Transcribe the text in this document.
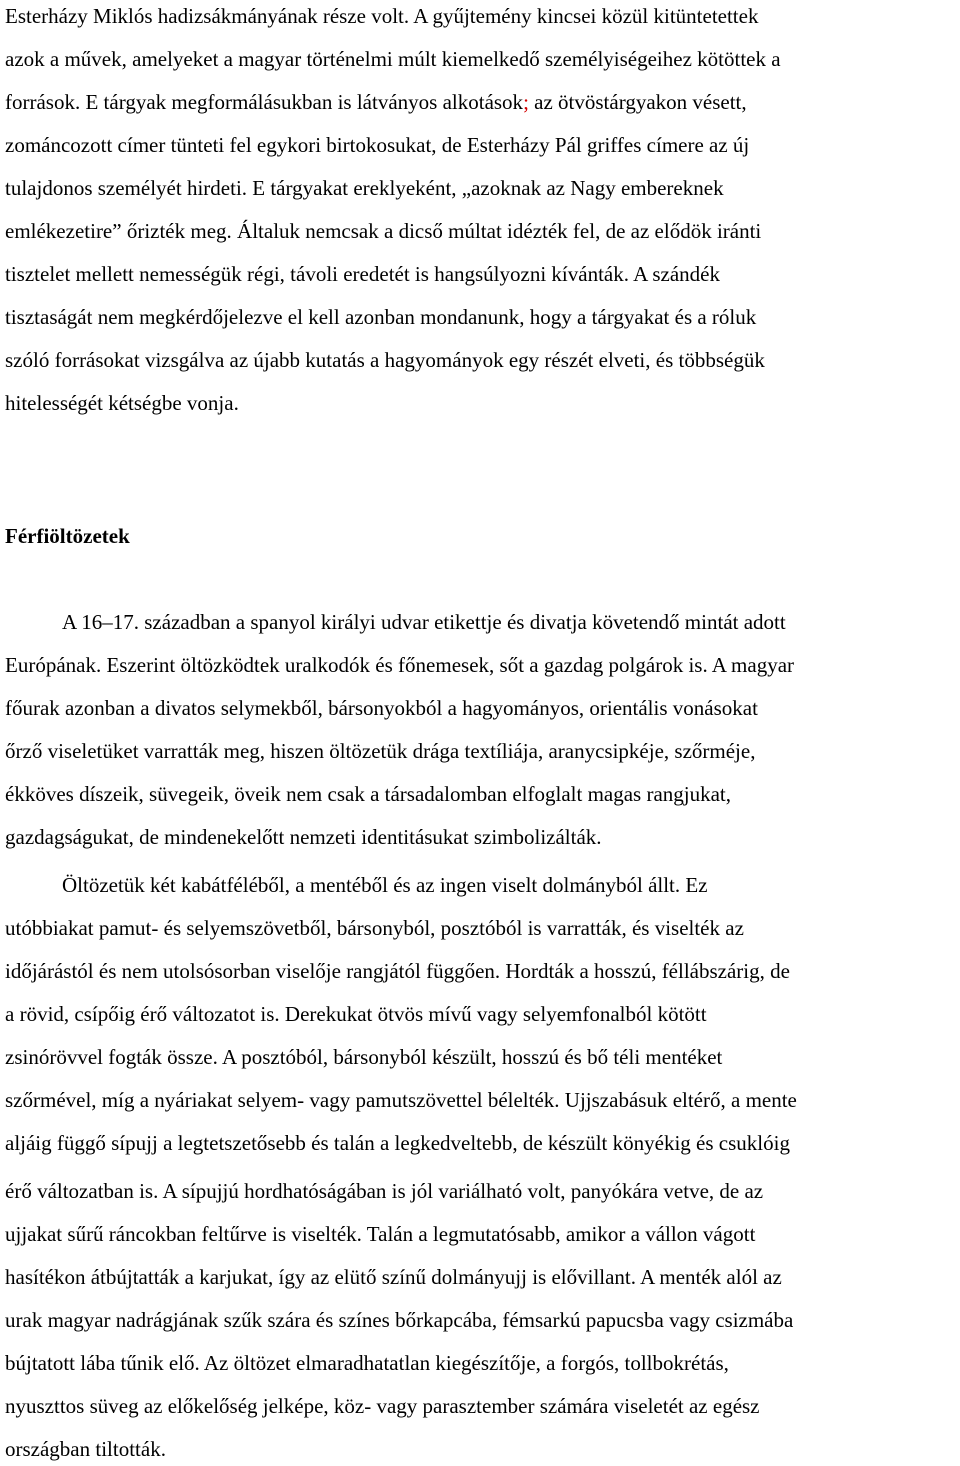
Esterházy Miklós hadizsákmányának része volt. A gyűjtemény kincsei közül kitüntetettek
azok a művek, amelyeket a magyar történelmi múlt kiemelkedő személyiségeihez kötöttek a
források. E tárgyak megformálásukban is látványos alkotások; az ötvöstárgyakon vésett,
zománcozott címer tünteti fel egykori birtokosukat, de Esterházy Pál griffes címere az új
tulajdonos személyét hirdeti. E tárgyakat ereklyeként, „azoknak az Nagy embereknek
emlékezetire” őrizték meg. Általuk nemcsak a dicső múltat idézték fel, de az elődök iránti
tisztelet mellett nemességük régi, távoli eredetét is hangsúlyozni kívánták. A szándék
tisztaságát nem megkérdőjelezve el kell azonban mondanunk, hogy a tárgyakat és a róluk
szóló forrásokat vizsgálva az újabb kutatás a hagyományok egy részét elveti, és többségük
hitelességét kétségbe vonja.
Férfiöltözetek
A 16–17. században a spanyol királyi udvar etikettje és divatja követendő mintát adott
Európának. Eszerint öltözködtek uralkodók és főnemesek, sőt a gazdag polgárok is. A magyar
főurak azonban a divatos selymekből, bársonyokból a hagyományos, orientális vonásokat
őrző viseletüket varratták meg, hiszen öltözetük drága textíliája, aranycsipkéje, szőrméje,
ékköves díszeik, süvegeik, öveik nem csak a társadalomban elfoglalt magas rangjukat,
gazdagságukat, de mindenekelőtt nemzeti identitásukat szimbolizálták.
Öltözetük két kabátféléből, a mentéből és az ingen viselt dolmányból állt. Ez
utóbbiakat pamut- és selyemszövetből, bársonyból, posztóból is varratták, és viselték az
időjárástól és nem utolsósorban viselője rangjától függően. Hordták a hosszú, féllábszárig, de
a rövid, csípőig érő változatot is. Derekukat ötvös mívű vagy selyemfonalból kötött
zsinórövvel fogták össze. A posztóból, bársonyból készült, hosszú és bő téli mentéket
szőrmével, míg a nyáriakat selyem- vagy pamutszövettel bélelték. Ujjszabásuk eltérő, a mente
aljáig függő sípujj a legtetszetősebb és talán a legkedveltebb, de készült könyékig és csuklóig
érő változatban is. A sípujjú hordhatóságában is jól variálható volt, panyókára vetve, de az
ujjakat sűrű ráncokban feltűrve is viselték. Talán a legmutatósabb, amikor a vállon vágott
hasítékon átbújtatták a karjukat, így az elütő színű dolmányujj is elővillant. A menték alól az
urak magyar nadrágjának szűk szára és színes bőrkapcába, fémsarkú papucsba vagy csizmába
bújtatott lába tűnik elő. Az öltözet elmaradhatatlan kiegészítője, a forgós, tollbokrétás,
nyuszttos süveg az előkelőség jelképe, köz- vagy parasztember számára viseletét az egész
országban tiltották.
